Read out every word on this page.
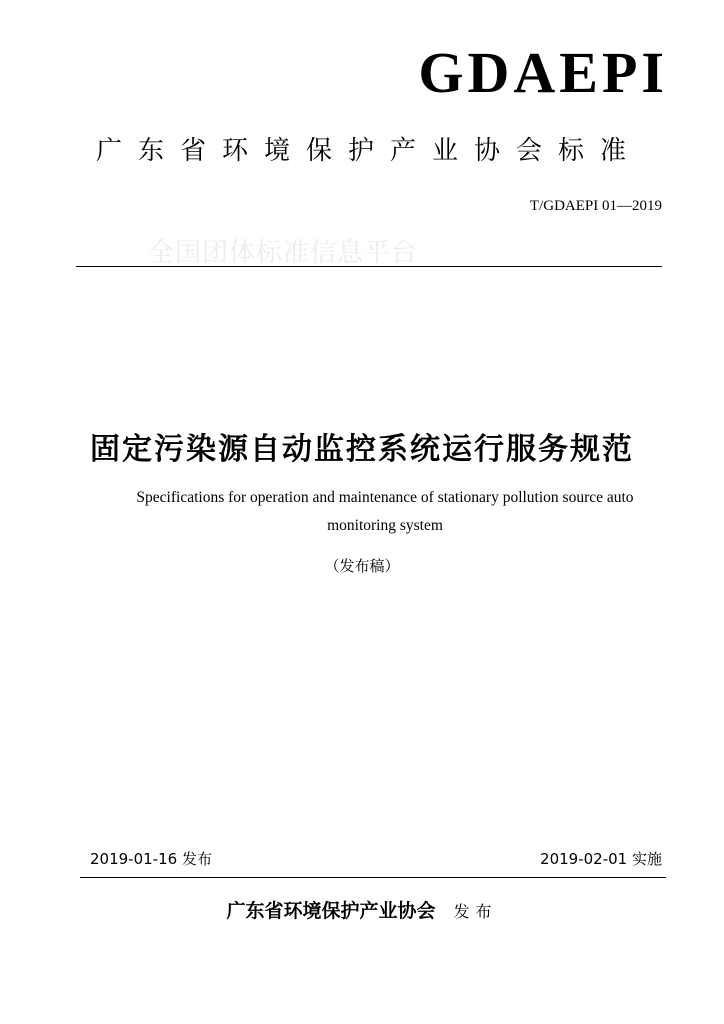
GDAEPI
广东省环境保护产业协会标准
T/GDAEPI 01—2019
全国团体标准信息平台
固定污染源自动监控系统运行服务规范
Specifications for operation and maintenance of stationary pollution source auto
monitoring system
（发布稿）
2019-01-16 发布	2019-02-01 实施
广东省环境保护产业协会 发布
